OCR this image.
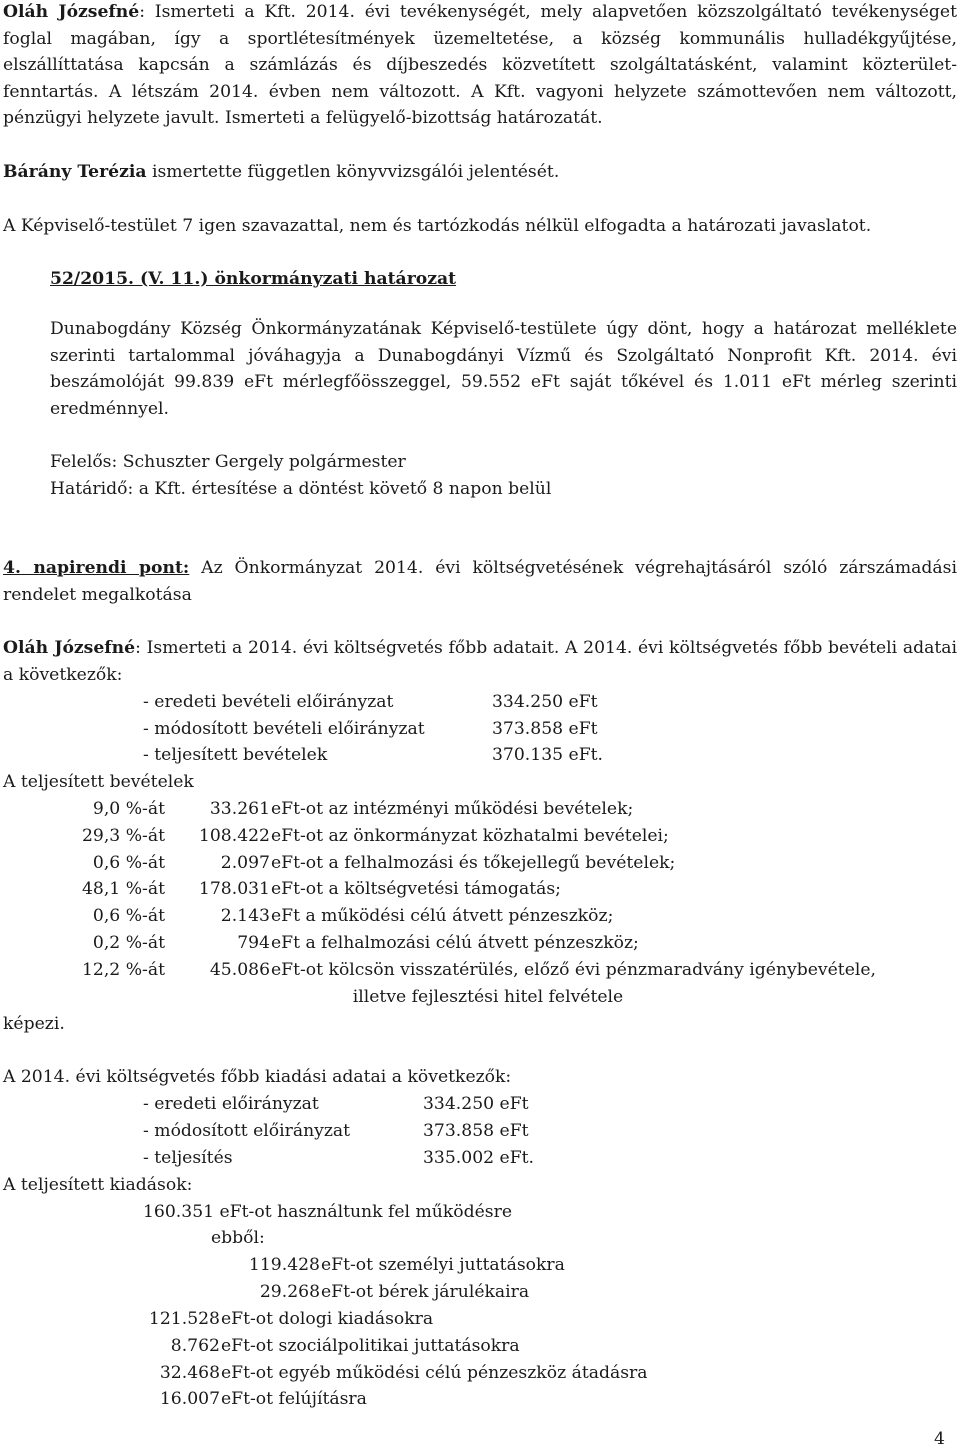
Oláh Józsefné: Ismerteti a Kft. 2014. évi tevékenységét, mely alapvetően közszolgáltató tevékenységet foglal magában, így a sportlétesítmények üzemeltetése, a község kommunális hulladékgyűjtése, elszállíttatása kapcsán a számlázás és díjbeszedés közvetített szolgáltatásként, valamint közterület-fenntartás. A létszám 2014. évben nem változott. A Kft. vagyoni helyzete számottevően nem változott, pénzügyi helyzete javult. Ismerteti a felügyelő-bizottság határozatát.

Bárány Terézia ismertette független könyvvizsgálói jelentését.

A Képviselő-testület 7 igen szavazattal, nem és tartózkodás nélkül elfogadta a határozati javaslatot.

52/2015. (V. 11.) önkormányzati határozat

Dunabogdány Község Önkormányzatának Képviselő-testülete úgy dönt, hogy a határozat melléklete szerinti tartalommal jóváhagyja a Dunabogdányi Vízmű és Szolgáltató Nonprofit Kft. 2014. évi beszámolóját 99.839 eFt mérlegfőösszeggel, 59.552 eFt saját tőkével és 1.011 eFt mérleg szerinti eredménnyel.

Felelős: Schuszter Gergely polgármester
Határidő: a Kft. értesítése a döntést követő 8 napon belül

4. napirendi pont: Az Önkormányzat 2014. évi költségvetésének végrehajtásáról szóló zárszámadási rendelet megalkotása

Oláh Józsefné: Ismerteti a 2014. évi költségvetés főbb adatait. A 2014. évi költségvetés főbb bevételi adatai a következők:

- eredeti bevételi előirányzat	334.250 eFt
- módosított bevételi előirányzat	373.858 eFt
- teljesített bevételek	370.135 eFt.
A teljesített bevételek
9,0 %-át	33.261 eFt-ot az intézményi működési bevételek;
29,3 %-át	108.422 eFt-ot az önkormányzat közhatalmi bevételei;
0,6 %-át	2.097 eFt-ot a felhalmozási és tőkejellegű bevételek;
48,1 %-át	178.031 eFt-ot a költségvetési támogatás;
0,6 %-át	2.143 eFt a működési célú átvett pénzeszköz;
0,2 %-át	794 eFt a felhalmozási célú átvett pénzeszköz;
12,2 %-át	45.086 eFt-ot kölcsön visszatérülés, előző évi pénzmaradvány igénybevétele,
illetve fejlesztési hitel felvétele
képezi.
A 2014. évi költségvetés főbb kiadási adatai a következők:
- eredeti előirányzat	334.250 eFt
- módosított előirányzat	373.858 eFt
- teljesítés	335.002 eFt.
A teljesített kiadások:
160.351 eFt-ot használtunk fel működésre
ebből:
119.428 eFt-ot személyi juttatásokra
29.268 eFt-ot bérek járulékaira
121.528 eFt-ot dologi kiadásokra
8.762 eFt-ot szociálpolitikai juttatásokra
32.468 eFt-ot egyéb működési célú pénzeszköz átadásra
16.007 eFt-ot felújításra
4
